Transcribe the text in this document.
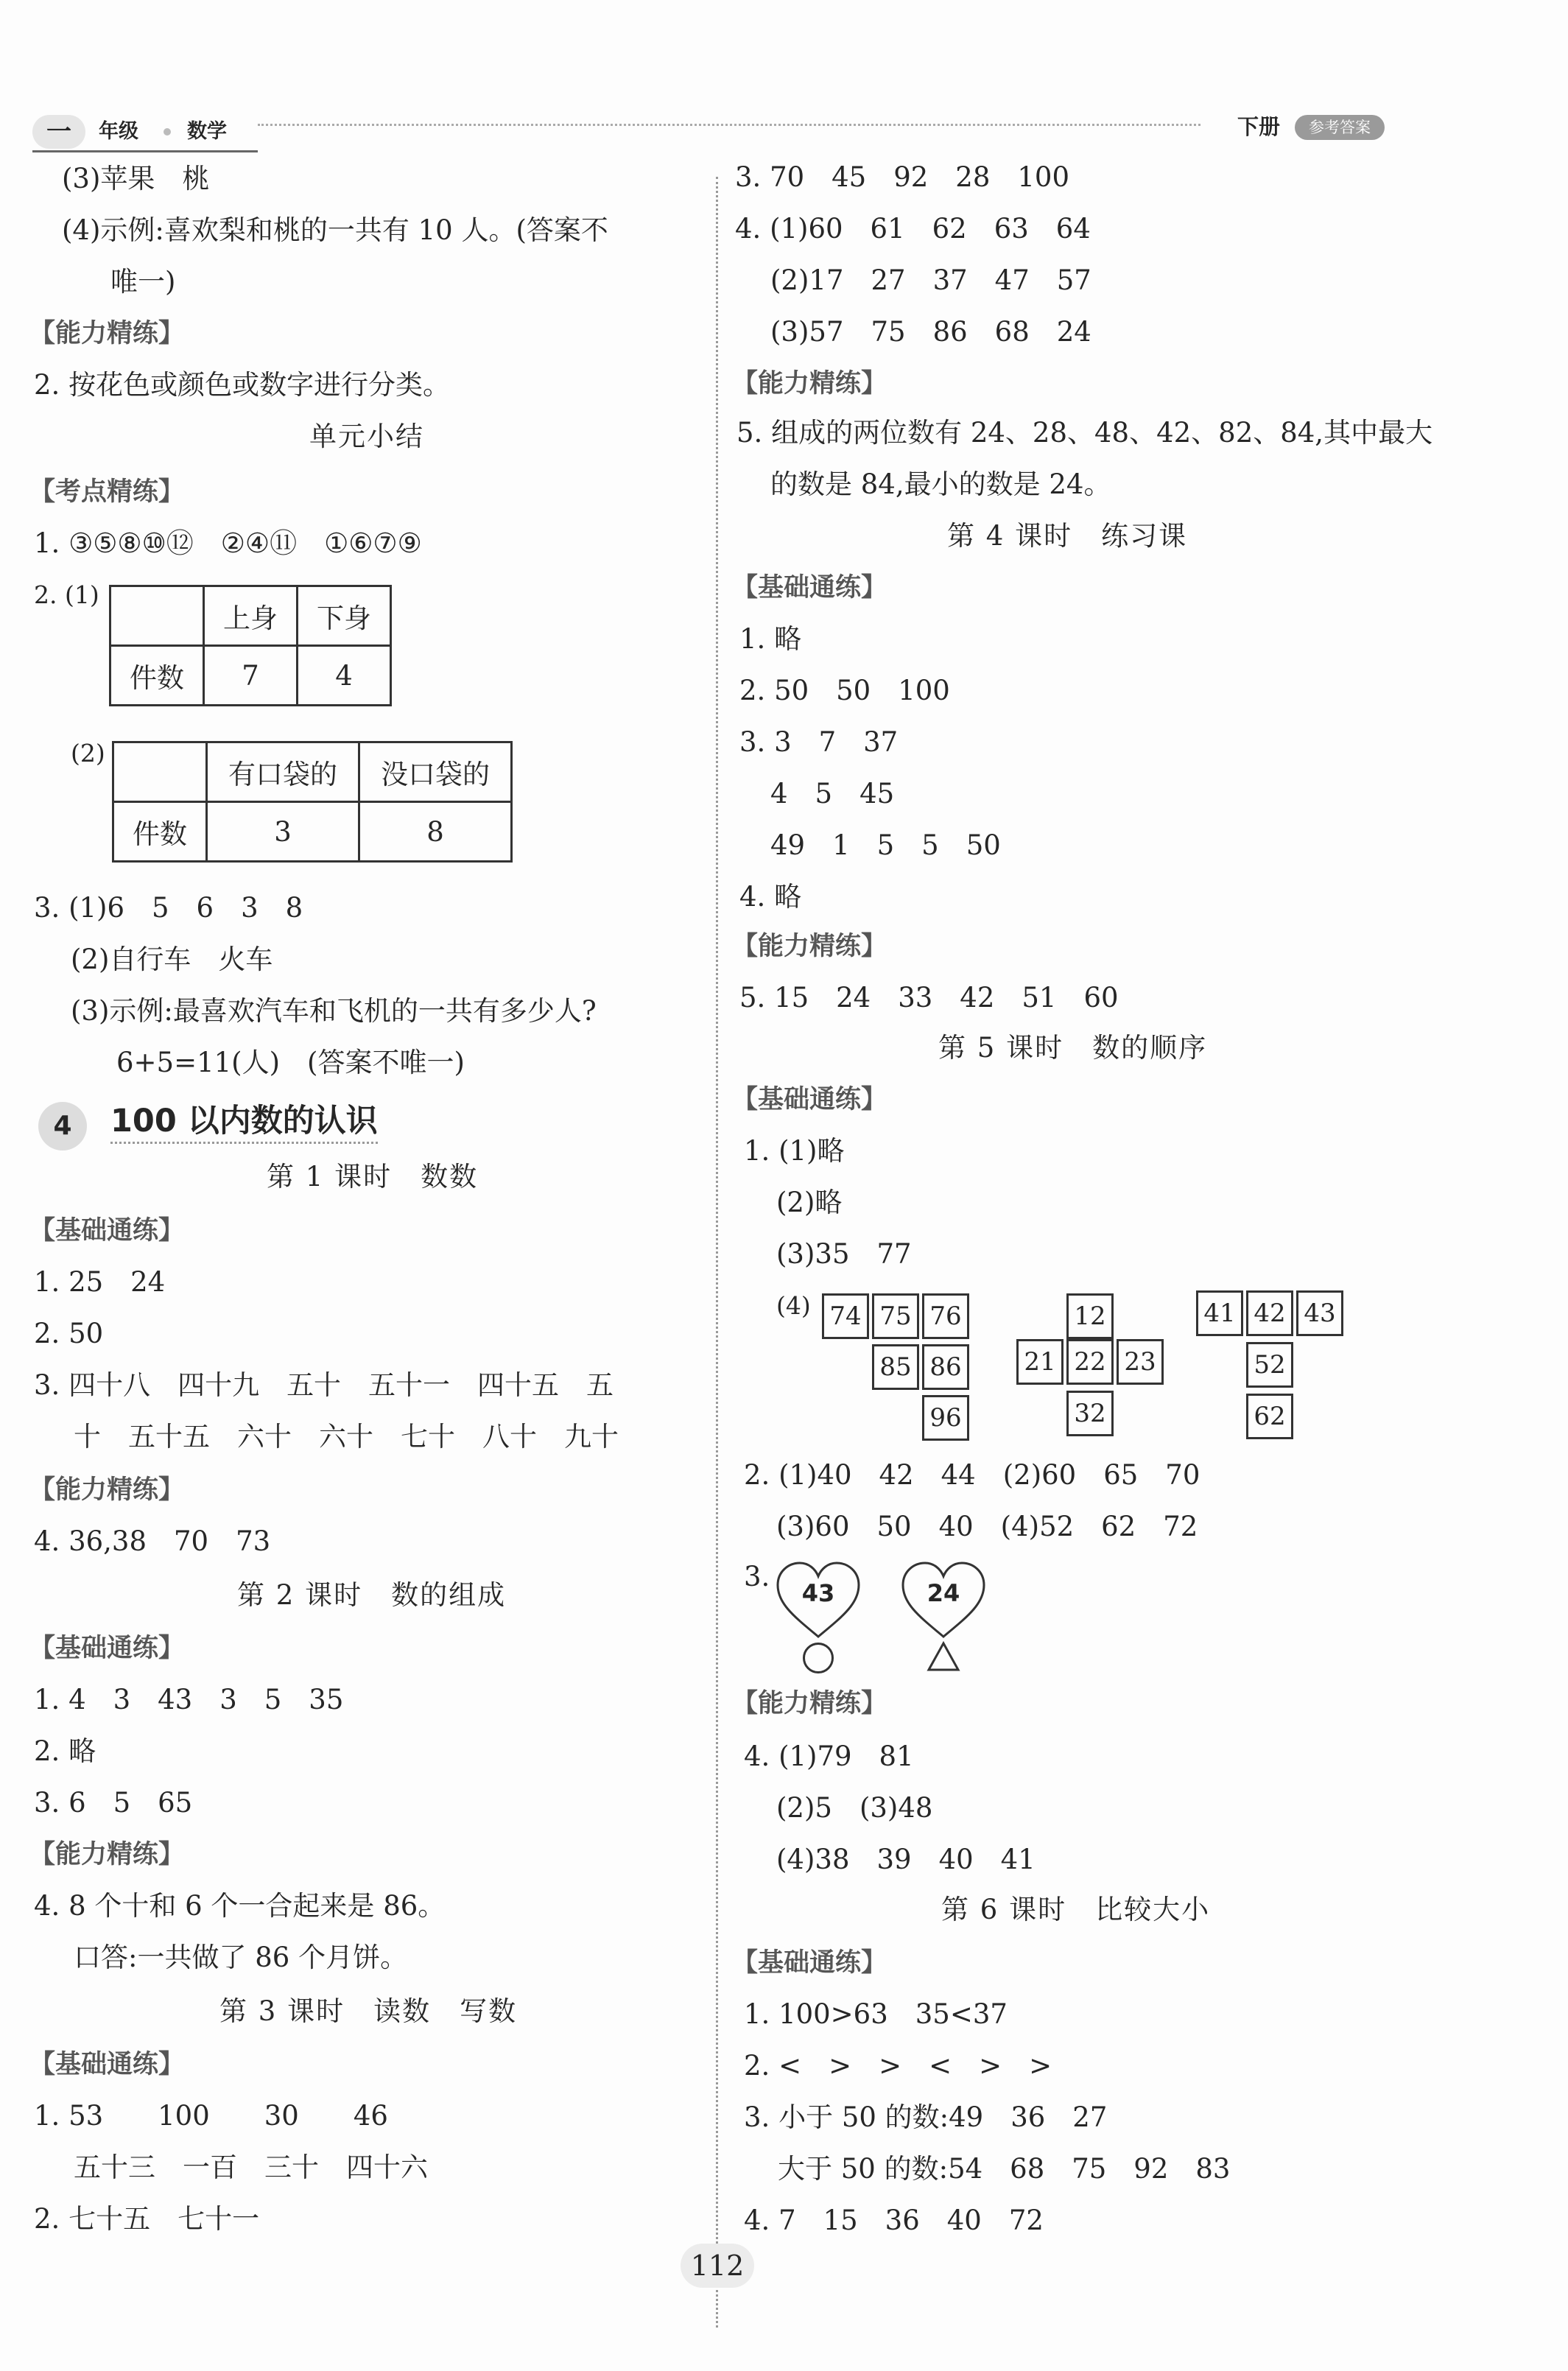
一	年级 数学	下册	参考答案
(3)苹果　桃
(4)示例:喜欢梨和桃的一共有 10 人。(答案不
唯一)
【能力精练】
2. 按花色或颜色或数字进行分类。
单元小结
【考点精练】
1. ③⑤⑧⑩⑫　②④⑪　①⑥⑦⑨
2. (1)
	上身	下身
件数	7	4
(2)
	有口袋的	没口袋的
件数	3	8
3. (1)6　5　6　3　8
(2)自行车　火车
(3)示例:最喜欢汽车和飞机的一共有多少人?
6+5=11(人)　(答案不唯一)
4	100 以内数的认识
第 1 课时　数数
【基础通练】
1. 25　24
2. 50
3. 四十八　四十九　五十　五十一　四十五　五
十　五十五　六十　六十　七十　八十　九十
【能力精练】
4. 36,38　70　73
第 2 课时　数的组成
【基础通练】
1. 4　3　43　3　5　35
2. 略
3. 6　5　65
【能力精练】
4. 8 个十和 6 个一合起来是 86。
口答:一共做了 86 个月饼。
第 3 课时　读数　写数
【基础通练】
1. 53　　100　　30　　46
五十三　一百　三十　四十六
2. 七十五　七十一
3. 70　45　92　28　100
4. (1)60　61　62　63　64
(2)17　27　37　47　57
(3)57　75　86　68　24
【能力精练】
5. 组成的两位数有 24、28、48、42、82、84,其中最大
的数是 84,最小的数是 24。
第 4 课时　练习课
【基础通练】
1. 略
2. 50　50　100
3. 3　7　37
4　5　45
49　1　5　5　50
4. 略
【能力精练】
5. 15　24　33　42　51　60
第 5 课时　数的顺序
【基础通练】
1. (1)略
(2)略
(3)35　77
(4) 74 75 76
85 86
96
12
21 22 23
32
41 42 43
52
62
2. (1)40　42　44　(2)60　65　70
(3)60　50　40　(4)52　62　72
3.
43	24
【能力精练】
4. (1)79　81
(2)5　(3)48
(4)38　39　40　41
第 6 课时　比较大小
【基础通练】
1. 100>63　35<37
2. <　>　>　<　>　>
3. 小于 50 的数:49　36　27
大于 50 的数:54　68　75　92　83
4. 7　15　36　40　72
112
